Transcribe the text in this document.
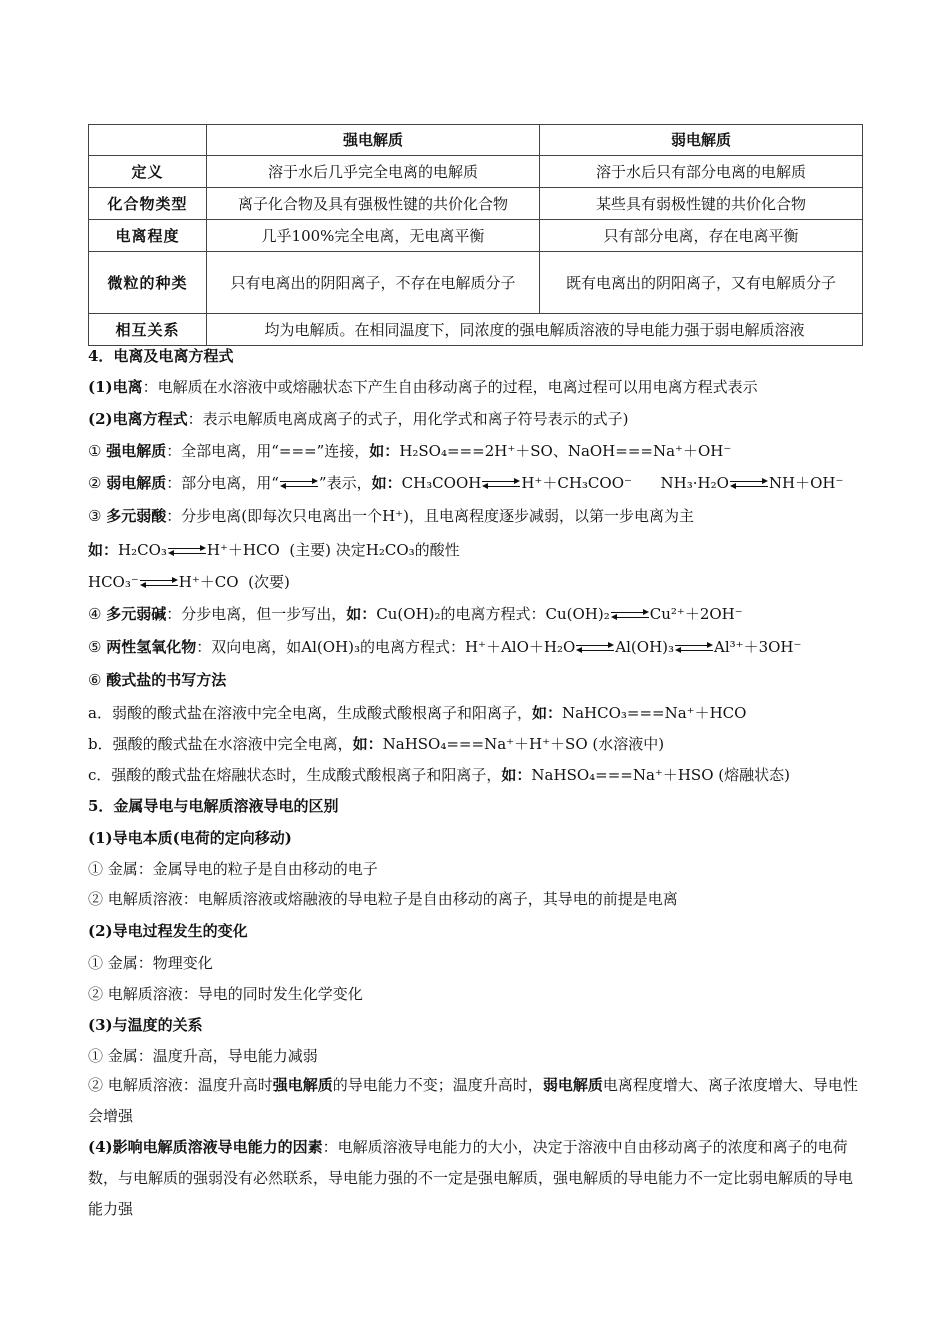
	强电解质	弱电解质
定义	溶于水后几乎完全电离的电解质	溶于水后只有部分电离的电解质
化合物类型	离子化合物及具有强极性键的共价化合物	某些具有弱极性键的共价化合物
电离程度	几乎100%完全电离，无电离平衡	只有部分电离，存在电离平衡
微粒的种类	只有电离出的阴阳离子，不存在电解质分子	既有电离出的阴阳离子，又有电解质分子
相互关系	均为电解质。在相同温度下，同浓度的强电解质溶液的导电能力强于弱电解质溶液	
4．电离及电离方程式
(1)电离：电解质在水溶液中或熔融状态下产生自由移动离子的过程，电离过程可以用电离方程式表示
(2)电离方程式：表示电解质电离成离子的式子，用化学式和离子符号表示的式子)
① 强电解质：全部电离，用“===”连接，如：H₂SO₄===2H⁺＋SO、NaOH===Na⁺＋OH⁻
② 弱电解质：部分电离，用“	”表示，如：CH₃COOH	H⁺＋CH₃COO⁻ NH₃·H₂O	NH＋OH⁻
③ 多元弱酸：分步电离(即每次只电离出一个H⁺)，且电离程度逐步减弱，以第一步电离为主
如：H₂CO₃	H⁺＋HCO (主要) 决定H₂CO₃的酸性
HCO₃⁻	H⁺＋CO (次要)
④ 多元弱碱：分步电离，但一步写出，如：Cu(OH)₂的电离方程式：Cu(OH)₂	Cu²⁺＋2OH⁻
⑤ 两性氢氧化物：双向电离，如Al(OH)₃的电离方程式：H⁺＋AlO＋H₂O	Al(OH)₃	Al³⁺＋3OH⁻
⑥ 酸式盐的书写方法
a．弱酸的酸式盐在溶液中完全电离，生成酸式酸根离子和阳离子，如：NaHCO₃===Na⁺＋HCO
b．强酸的酸式盐在水溶液中完全电离，如：NaHSO₄===Na⁺＋H⁺＋SO (水溶液中)
c．强酸的酸式盐在熔融状态时，生成酸式酸根离子和阳离子，如：NaHSO₄===Na⁺＋HSO (熔融状态)
5．金属导电与电解质溶液导电的区别
(1)导电本质(电荷的定向移动)
① 金属：金属导电的粒子是自由移动的电子
② 电解质溶液：电解质溶液或熔融液的导电粒子是自由移动的离子，其导电的前提是电离
(2)导电过程发生的变化
① 金属：物理变化
② 电解质溶液：导电的同时发生化学变化
(3)与温度的关系
① 金属：温度升高，导电能力减弱
② 电解质溶液：温度升高时强电解质的导电能力不变；温度升高时，弱电解质电离程度增大、离子浓度增大、导电性会增强
(4)影响电解质溶液导电能力的因素：电解质溶液导电能力的大小，决定于溶液中自由移动离子的浓度和离子的电荷数，与电解质的强弱没有必然联系，导电能力强的不一定是强电解质，强电解质的导电能力不一定比弱电解质的导电能力强
